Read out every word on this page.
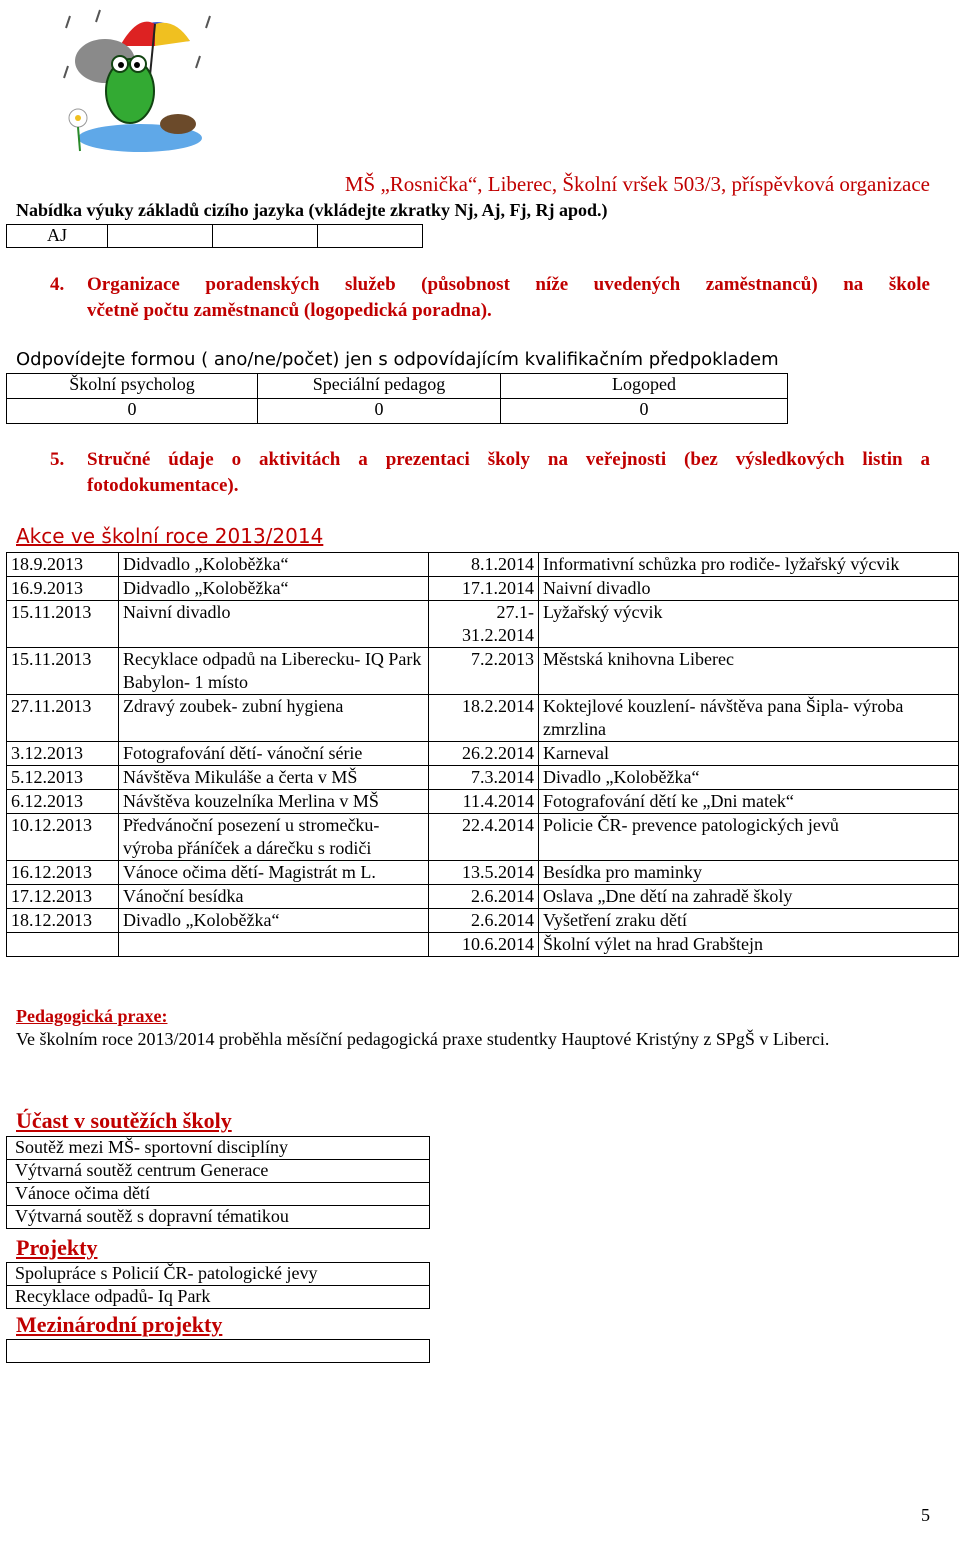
MŠ „Rosnička“, Liberec, Školní vršek 503/3, příspěvková organizace
Nabídka výuky základů cizího jazyka (vkládejte zkratky Nj, Aj, Fj, Rj apod.)
AJ			
4. Organizace poradenských služeb (působnost níže uvedených zaměstnanců) na škole
včetně počtu zaměstnanců (logopedická poradna).
Odpovídejte formou ( ano/ne/počet) jen s odpovídajícím kvalifikačním předpokladem
Školní psycholog	Speciální pedagog	Logoped
0	0	0
5. Stručné údaje o aktivitách a prezentaci školy na veřejnosti (bez výsledkových listin a
fotodokumentace).
Akce ve školní roce 2013/2014
18.9.2013	Didvadlo „Koloběžka“	8.1.2014	Informativní schůzka pro rodiče- lyžařský výcvik
16.9.2013	Didvadlo „Koloběžka“	17.1.2014	Naivní divadlo
15.11.2013	Naivní divadlo	27.1-31.2.2014	Lyžařský výcvik
15.11.2013	Recyklace odpadů na Liberecku- IQ Park Babylon- 1 místo	7.2.2013	Městská knihovna Liberec
27.11.2013	Zdravý zoubek- zubní hygiena	18.2.2014	Koktejlové kouzlení- návštěva pana Šipla- výroba zmrzlina
3.12.2013	Fotografování dětí- vánoční série	26.2.2014	Karneval
5.12.2013	Návštěva Mikuláše a čerta v MŠ	7.3.2014	Divadlo „Koloběžka“
6.12.2013	Návštěva kouzelníka Merlina v MŠ	11.4.2014	Fotografování dětí ke „Dni matek“
10.12.2013	Předvánoční posezení u stromečku- výroba přáníček a dárečku s rodiči	22.4.2014	Policie ČR- prevence patologických jevů
16.12.2013	Vánoce očima dětí- Magistrát m L.	13.5.2014	Besídka pro maminky
17.12.2013	Vánoční besídka	2.6.2014	Oslava „Dne dětí na zahradě školy
18.12.2013	Divadlo „Koloběžka“	2.6.2014	Vyšetření zraku dětí
		10.6.2014	Školní výlet na hrad Grabštejn
Pedagogická praxe:
Ve školním roce 2013/2014 proběhla měsíční pedagogická praxe studentky Hauptové Kristýny z SPgŠ v Liberci.
Účast v soutěžích školy
Soutěž mezi MŠ- sportovní disciplíny
Výtvarná soutěž centrum Generace
Vánoce očima dětí
Výtvarná soutěž s dopravní tématikou
Projekty
Spolupráce s Policií ČR- patologické jevy
Recyklace odpadů- Iq Park
Mezinárodní projekty
5
